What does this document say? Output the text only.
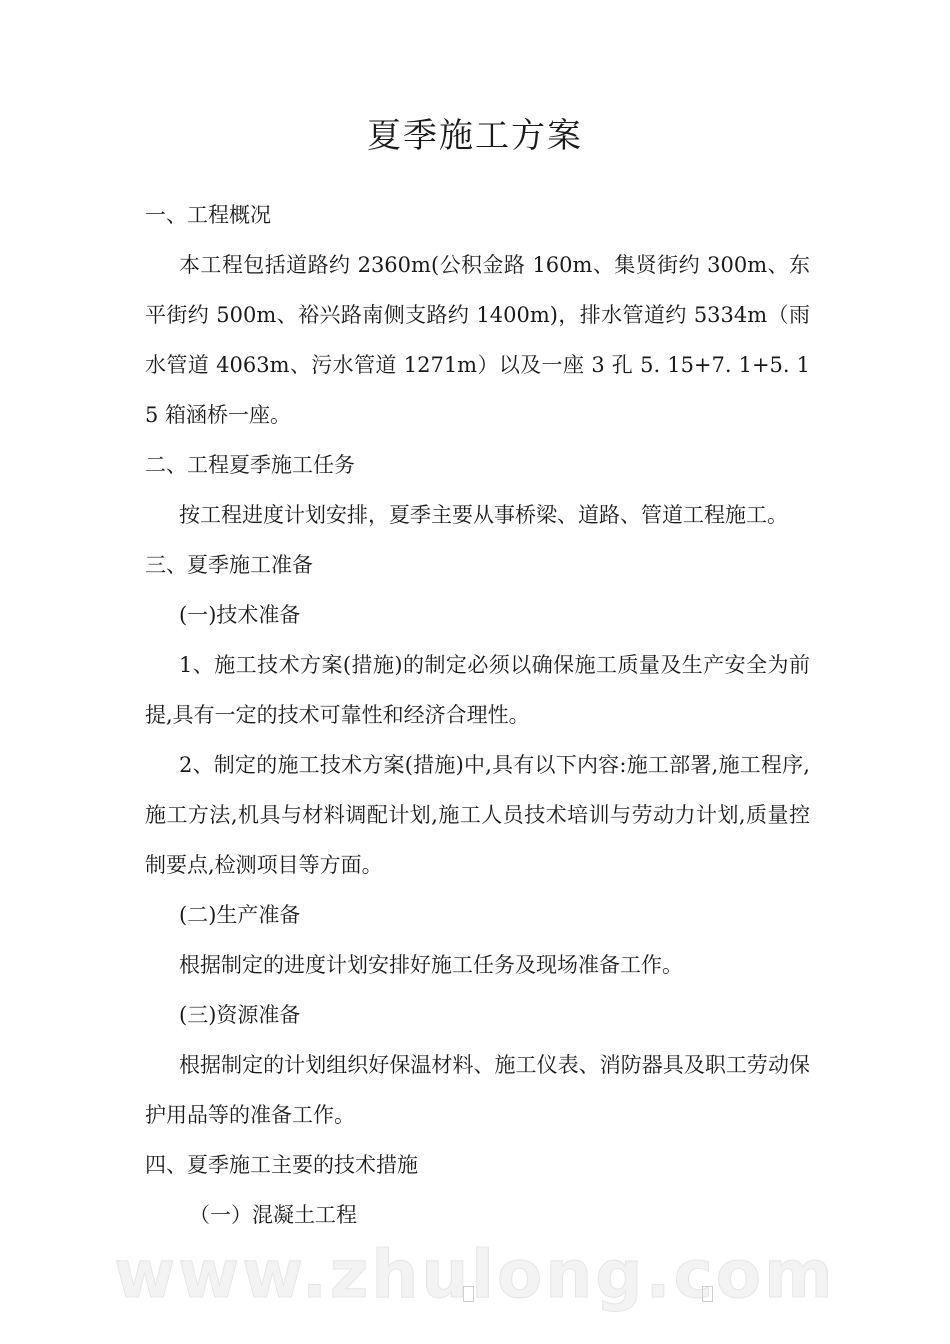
夏季施工方案

一、工程概况

本工程包括道路约 2360m(公积金路 160m、集贤街约 300m、东平街约 500m、裕兴路南侧支路约 1400m)，排水管道约 5334m（雨水管道 4063m、污水管道 1271m）以及一座 3 孔 5. 15+7. 1+5. 15 箱涵桥一座。

二、工程夏季施工任务

按工程进度计划安排，夏季主要从事桥梁、道路、管道工程施工。

三、夏季施工准备

(一)技术准备

1、施工技术方案(措施)的制定必须以确保施工质量及生产安全为前提,具有一定的技术可靠性和经济合理性。

2、制定的施工技术方案(措施)中,具有以下内容:施工部署,施工程序,施工方法,机具与材料调配计划,施工人员技术培训与劳动力计划,质量控制要点,检测项目等方面。

(二)生产准备

根据制定的进度计划安排好施工任务及现场准备工作。

(三)资源准备

根据制定的计划组织好保温材料、施工仪表、消防器具及职工劳动保护用品等的准备工作。

四、夏季施工主要的技术措施

（一）混凝土工程

www.zhulong.com
